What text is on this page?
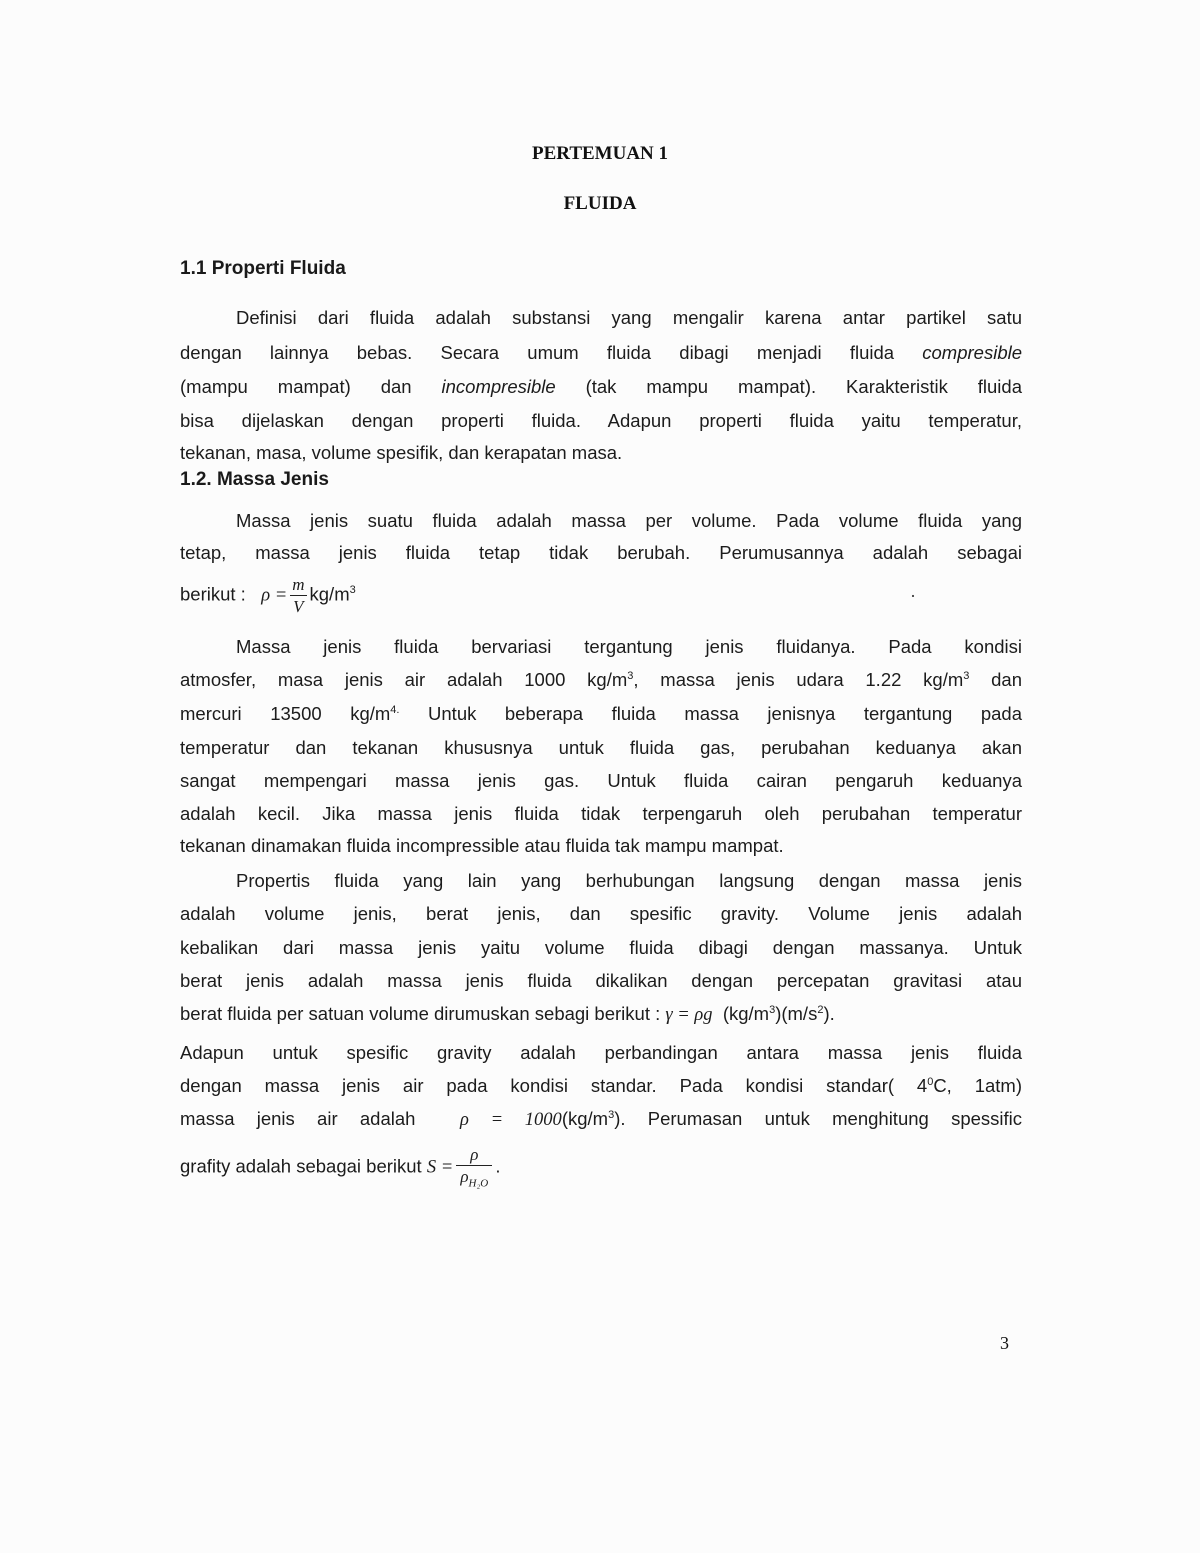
PERTEMUAN 1
FLUIDA
1.1 Properti Fluida
Definisi dari fluida adalah substansi yang mengalir karena antar partikel satu
dengan lainnya bebas. Secara umum fluida dibagi menjadi fluida compresible
(mampu mampat) dan incompresible (tak mampu mampat). Karakteristik fluida
bisa dijelaskan dengan properti fluida. Adapun properti fluida yaitu temperatur,
tekanan, masa, volume spesifik, dan kerapatan masa.
1.2. Massa Jenis
Massa jenis suatu fluida adalah massa per volume. Pada volume fluida yang
tetap, massa jenis fluida tetap tidak berubah. Perumusannya adalah sebagai
berikut : $\rho = \frac{m}{V} kg/m^3$	·
Massa jenis fluida bervariasi tergantung jenis fluidanya. Pada kondisi
atmosfer, masa jenis air adalah 1000 $kg/m^3$, massa jenis udara 1.22 $kg/m^3$ dan
mercuri 13500 $kg/m^{4.}$ Untuk beberapa fluida massa jenisnya tergantung pada
temperatur dan tekanan khususnya untuk fluida gas, perubahan keduanya akan
sangat mempengari massa jenis gas. Untuk fluida cairan pengaruh keduanya
adalah kecil. Jika massa jenis fluida tidak terpengaruh oleh perubahan temperatur
tekanan dinamakan fluida incompressible atau fluida tak mampu mampat.
Propertis fluida yang lain yang berhubungan langsung dengan massa jenis
adalah volume jenis, berat jenis, dan spesific gravity. Volume jenis adalah
kebalikan dari massa jenis yaitu volume fluida dibagi dengan massanya. Untuk
berat jenis adalah massa jenis fluida dikalikan dengan percepatan gravitasi atau
berat fluida per satuan volume dirumuskan sebagi berikut : γ = ρg  $(kg/m^3)(m/s^2)$.
Adapun untuk spesific gravity adalah perbandingan antara massa jenis fluida
dengan massa jenis air pada kondisi standar. Pada kondisi standar( $4^0C$, 1atm)
massa jenis air adalah $\rho = 1000(kg/m^3)$. Perumasan untuk menghitung spessific
grafity adalah sebagai berikut $S = \frac{\rho}{\rho_{H_2O}}$ .
3
